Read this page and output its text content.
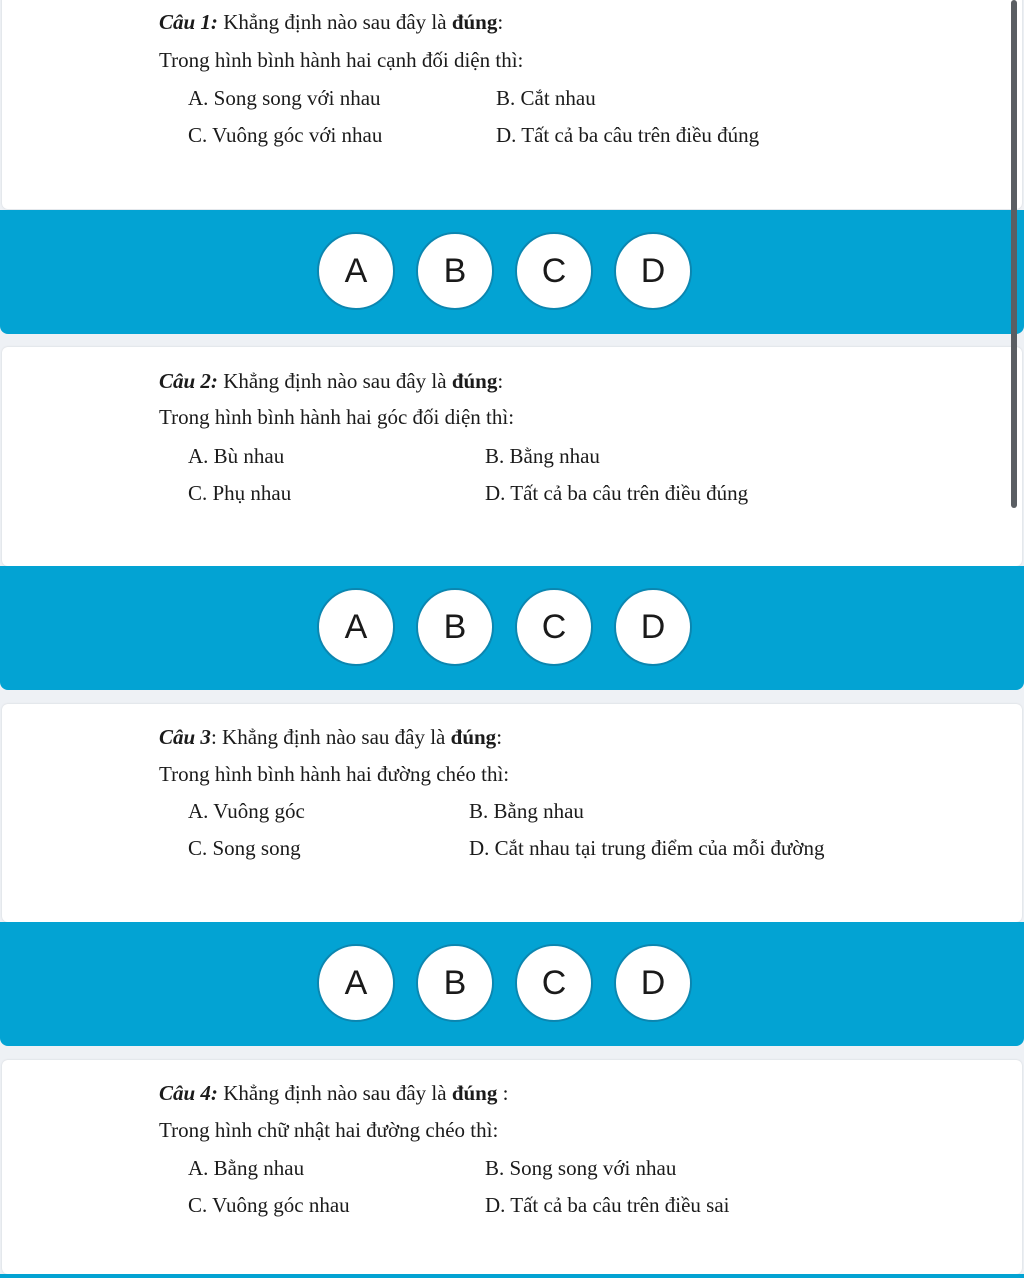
Câu 1: Khẳng định nào sau đây là đúng:

Trong hình bình hành hai cạnh đối diện thì:

A. Song song với nhau	B. Cắt nhau

C. Vuông góc với nhau	D. Tất cả ba câu trên điều đúng

A	B	C	D

Câu 2: Khẳng định nào sau đây là đúng:

Trong hình bình hành hai góc đối diện thì:

A. Bù nhau	B. Bằng nhau

C. Phụ nhau	D. Tất cả ba câu trên điều đúng

A	B	C	D

Câu 3: Khẳng định nào sau đây là đúng:

Trong hình bình hành hai đường chéo thì:

A. Vuông góc	B. Bằng nhau

C. Song song	D. Cắt nhau tại trung điểm của mỗi đường

A	B	C	D

Câu 4: Khẳng định nào sau đây là đúng :

Trong hình chữ nhật hai đường chéo thì:

A. Bằng nhau	B. Song song với nhau

C. Vuông góc nhau	D. Tất cả ba câu trên điều sai
